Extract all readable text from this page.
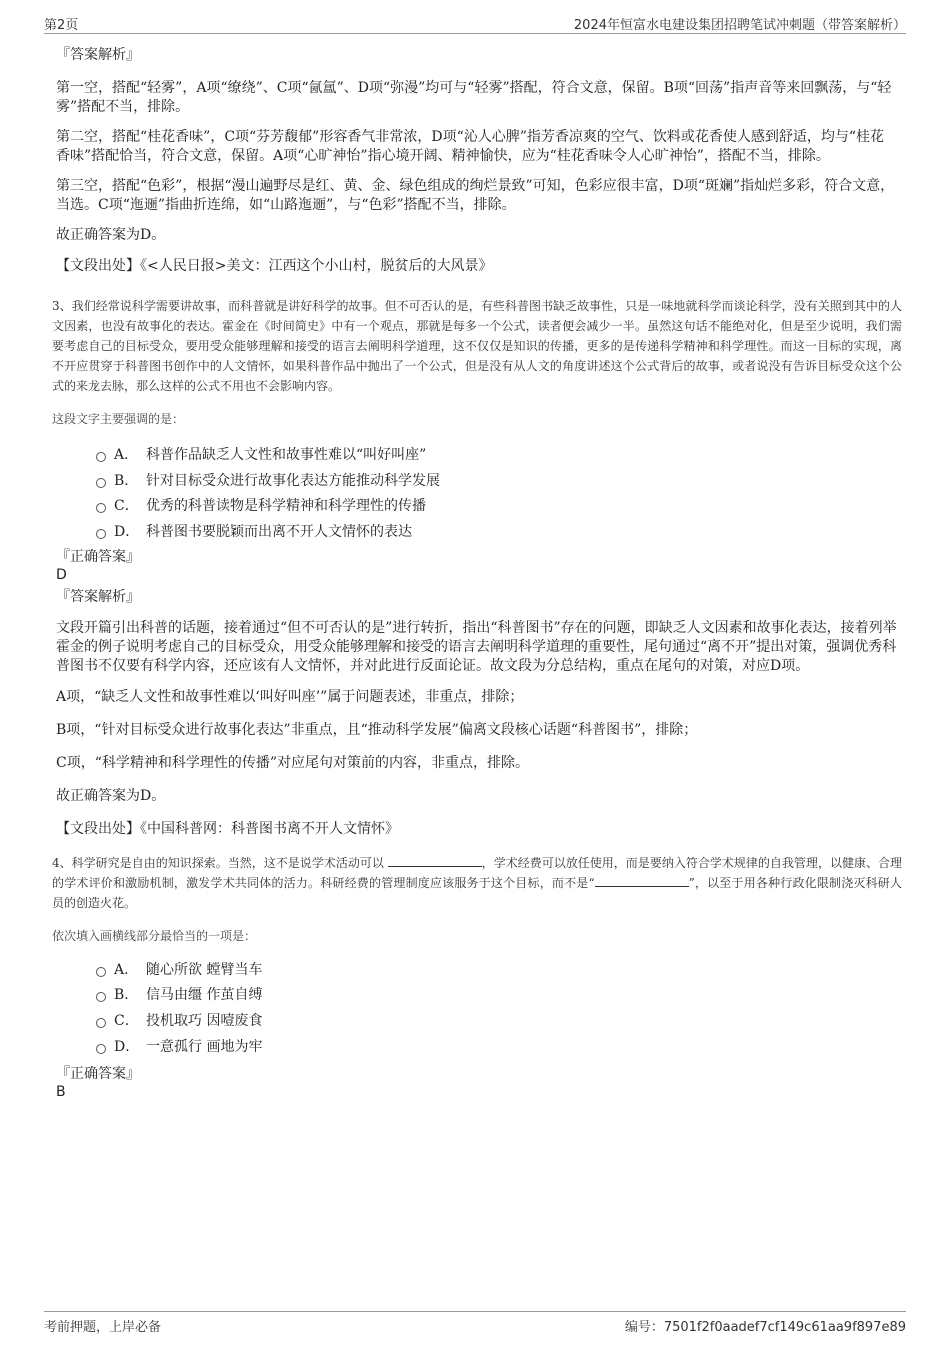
第2页	2024年恒富水电建设集团招聘笔试冲刺题（带答案解析）
『答案解析』
第一空，搭配“轻雾”，A项“缭绕”、C项“氤氲”、D项“弥漫”均可与“轻雾”搭配，符合文意，保留。B项“回荡”指声音等来回飘荡，与“轻雾”搭配不当，排除。
第二空，搭配“桂花香味”，C项“芬芳馥郁”形容香气非常浓，D项“沁人心脾”指芳香凉爽的空气、饮料或花香使人感到舒适，均与“桂花香味”搭配恰当，符合文意，保留。A项“心旷神怡”指心境开阔、精神愉快，应为“桂花香味令人心旷神怡”，搭配不当，排除。
第三空，搭配“色彩”，根据“漫山遍野尽是红、黄、金、绿色组成的绚烂景致”可知，色彩应很丰富，D项“斑斓”指灿烂多彩，符合文意，当选。C项“迤逦”指曲折连绵，如“山路迤逦”，与“色彩”搭配不当，排除。
故正确答案为D。
【文段出处】《<人民日报>美文：江西这个小山村，脱贫后的大风景》
3、我们经常说科学需要讲故事，而科普就是讲好科学的故事。但不可否认的是，有些科普图书缺乏故事性，只是一味地就科学而谈论科学，没有关照到其中的人文因素，也没有故事化的表达。霍金在《时间简史》中有一个观点，那就是每多一个公式，读者便会减少一半。虽然这句话不能绝对化，但是至少说明，我们需要考虑自己的目标受众，要用受众能够理解和接受的语言去阐明科学道理，这不仅仅是知识的传播，更多的是传递科学精神和科学理性。而这一目标的实现，离不开应贯穿于科普图书创作中的人文情怀，如果科普作品中抛出了一个公式，但是没有从人文的角度讲述这个公式背后的故事，或者说没有告诉目标受众这个公式的来龙去脉，那么这样的公式不用也不会影响内容。
这段文字主要强调的是：
A． 科普作品缺乏人文性和故事性难以“叫好叫座”
B． 针对目标受众进行故事化表达方能推动科学发展
C． 优秀的科普读物是科学精神和科学理性的传播
D． 科普图书要脱颖而出离不开人文情怀的表达
『正确答案』
D
『答案解析』
文段开篇引出科普的话题，接着通过“但不可否认的是”进行转折，指出“科普图书”存在的问题，即缺乏人文因素和故事化表达，接着列举霍金的例子说明考虑自己的目标受众，用受众能够理解和接受的语言去阐明科学道理的重要性，尾句通过“离不开”提出对策，强调优秀科普图书不仅要有科学内容，还应该有人文情怀，并对此进行反面论证。故文段为分总结构，重点在尾句的对策，对应D项。
A项，“缺乏人文性和故事性难以‘叫好叫座’”属于问题表述，非重点，排除；
B项，“针对目标受众进行故事化表达”非重点，且“推动科学发展”偏离文段核心话题“科普图书”，排除；
C项，“科学精神和科学理性的传播”对应尾句对策前的内容，非重点，排除。
故正确答案为D。
【文段出处】《中国科普网：科普图书离不开人文情怀》
4、科学研究是自由的知识探索。当然，这不是说学术活动可以	，学术经费可以放任使用，而是要纳入符合学术规律的自我管理，以健康、合理的学术评价和激励机制，激发学术共同体的活力。科研经费的管理制度应该服务于这个目标，而不是“	”，以至于用各种行政化限制浇灭科研人员的创造火花。
依次填入画横线部分最恰当的一项是：
A． 随心所欲 螳臂当车
B． 信马由缰 作茧自缚
C． 投机取巧 因噎废食
D． 一意孤行 画地为牢
『正确答案』
B
考前押题，上岸必备	编号：7501f2f0aadef7cf149c61aa9f897e89
